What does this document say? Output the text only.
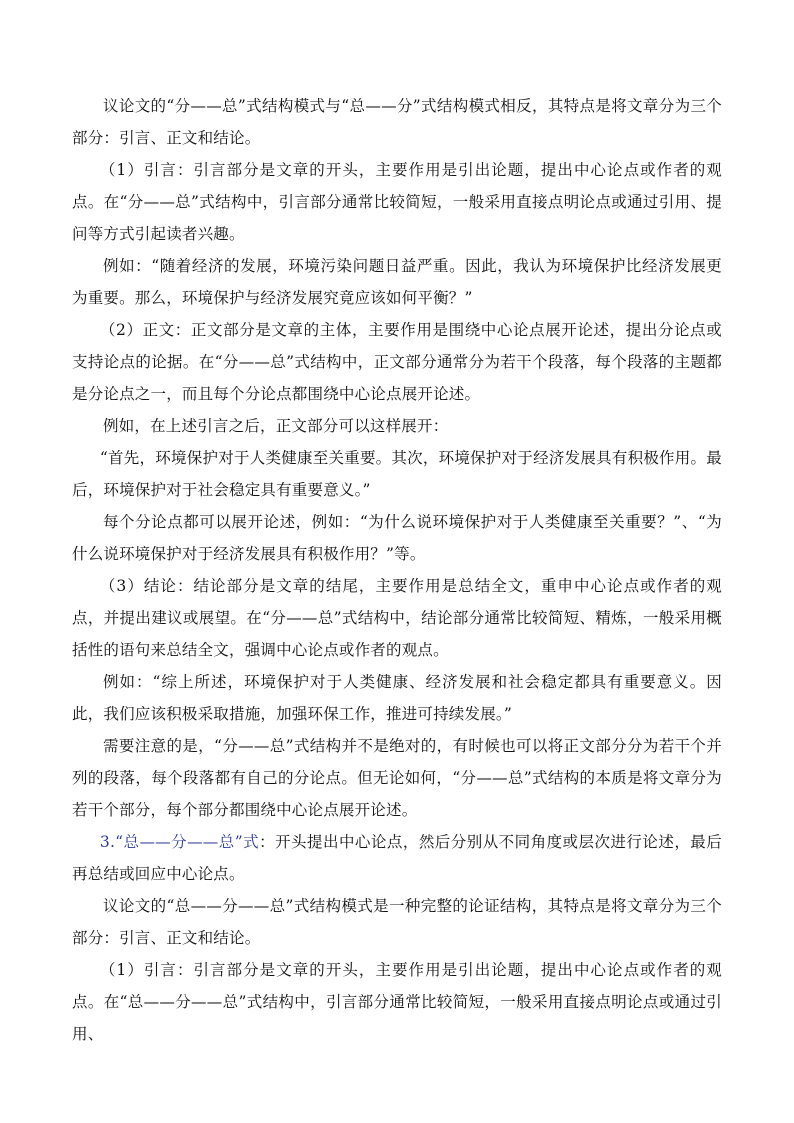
议论文的“分——总”式结构模式与“总——分”式结构模式相反，其特点是将文章分为三个部分：引言、正文和结论。

（1）引言：引言部分是文章的开头，主要作用是引出论题，提出中心论点或作者的观点。在“分——总”式结构中，引言部分通常比较简短，一般采用直接点明论点或通过引用、提问等方式引起读者兴趣。

例如：“随着经济的发展，环境污染问题日益严重。因此，我认为环境保护比经济发展更为重要。那么，环境保护与经济发展究竟应该如何平衡？”

（2）正文：正文部分是文章的主体，主要作用是围绕中心论点展开论述，提出分论点或支持论点的论据。在“分——总”式结构中，正文部分通常分为若干个段落，每个段落的主题都是分论点之一，而且每个分论点都围绕中心论点展开论述。

例如，在上述引言之后，正文部分可以这样展开：

“首先，环境保护对于人类健康至关重要。其次，环境保护对于经济发展具有积极作用。最后，环境保护对于社会稳定具有重要意义。”

每个分论点都可以展开论述，例如：“为什么说环境保护对于人类健康至关重要？”、“为什么说环境保护对于经济发展具有积极作用？”等。

（3）结论：结论部分是文章的结尾，主要作用是总结全文，重申中心论点或作者的观点，并提出建议或展望。在“分——总”式结构中，结论部分通常比较简短、精炼，一般采用概括性的语句来总结全文，强调中心论点或作者的观点。

例如：“综上所述，环境保护对于人类健康、经济发展和社会稳定都具有重要意义。因此，我们应该积极采取措施，加强环保工作，推进可持续发展。”

需要注意的是，“分——总”式结构并不是绝对的，有时候也可以将正文部分分为若干个并列的段落，每个段落都有自己的分论点。但无论如何，“分——总”式结构的本质是将文章分为若干个部分，每个部分都围绕中心论点展开论述。

3.“总——分——总”式：开头提出中心论点，然后分别从不同角度或层次进行论述，最后再总结或回应中心论点。

议论文的“总——分——总”式结构模式是一种完整的论证结构，其特点是将文章分为三个部分：引言、正文和结论。

（1）引言：引言部分是文章的开头，主要作用是引出论题，提出中心论点或作者的观点。在“总——分——总”式结构中，引言部分通常比较简短，一般采用直接点明论点或通过引用、
